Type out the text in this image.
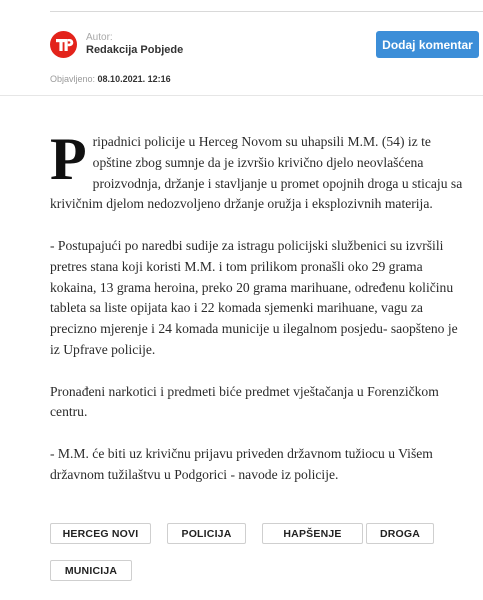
Autor:
Redakcija Pobjede	Dodaj komentar
Objavljeno: 08.10.2021. 12:16

Pripadnici policije u Herceg Novom su uhapsili M.M. (54) iz te opštine zbog sumnje da je izvršio krivično djelo neovlašćena proizvodnja, držanje i stavljanje u promet opojnih droga u sticaju sa krivičnim djelom nedozvoljeno držanje oružja i eksplozivnih materija.

- Postupajući po naredbi sudije za istragu policijski službenici su izvršili pretres stana koji koristi M.M. i tom prilikom pronašli oko 29 grama kokaina, 13 grama heroina, preko 20 grama marihuane, određenu količinu tableta sa liste opijata kao i 22 komada sjemenki marihuane, vagu za precizno mjerenje i 24 komada municije u ilegalnom posjedu- saopšteno je iz Upfrave policije.

Pronađeni narkotici i predmeti biće predmet vještačanja u Forenzičkom centru.

- M.M. će biti uz krivičnu prijavu priveden državnom tužiocu u Višem državnom tužilaštvu u Podgorici - navode iz policije.

HERCEG NOVI	POLICIJA	HAPŠENJE	DROGA
MUNICIJA
